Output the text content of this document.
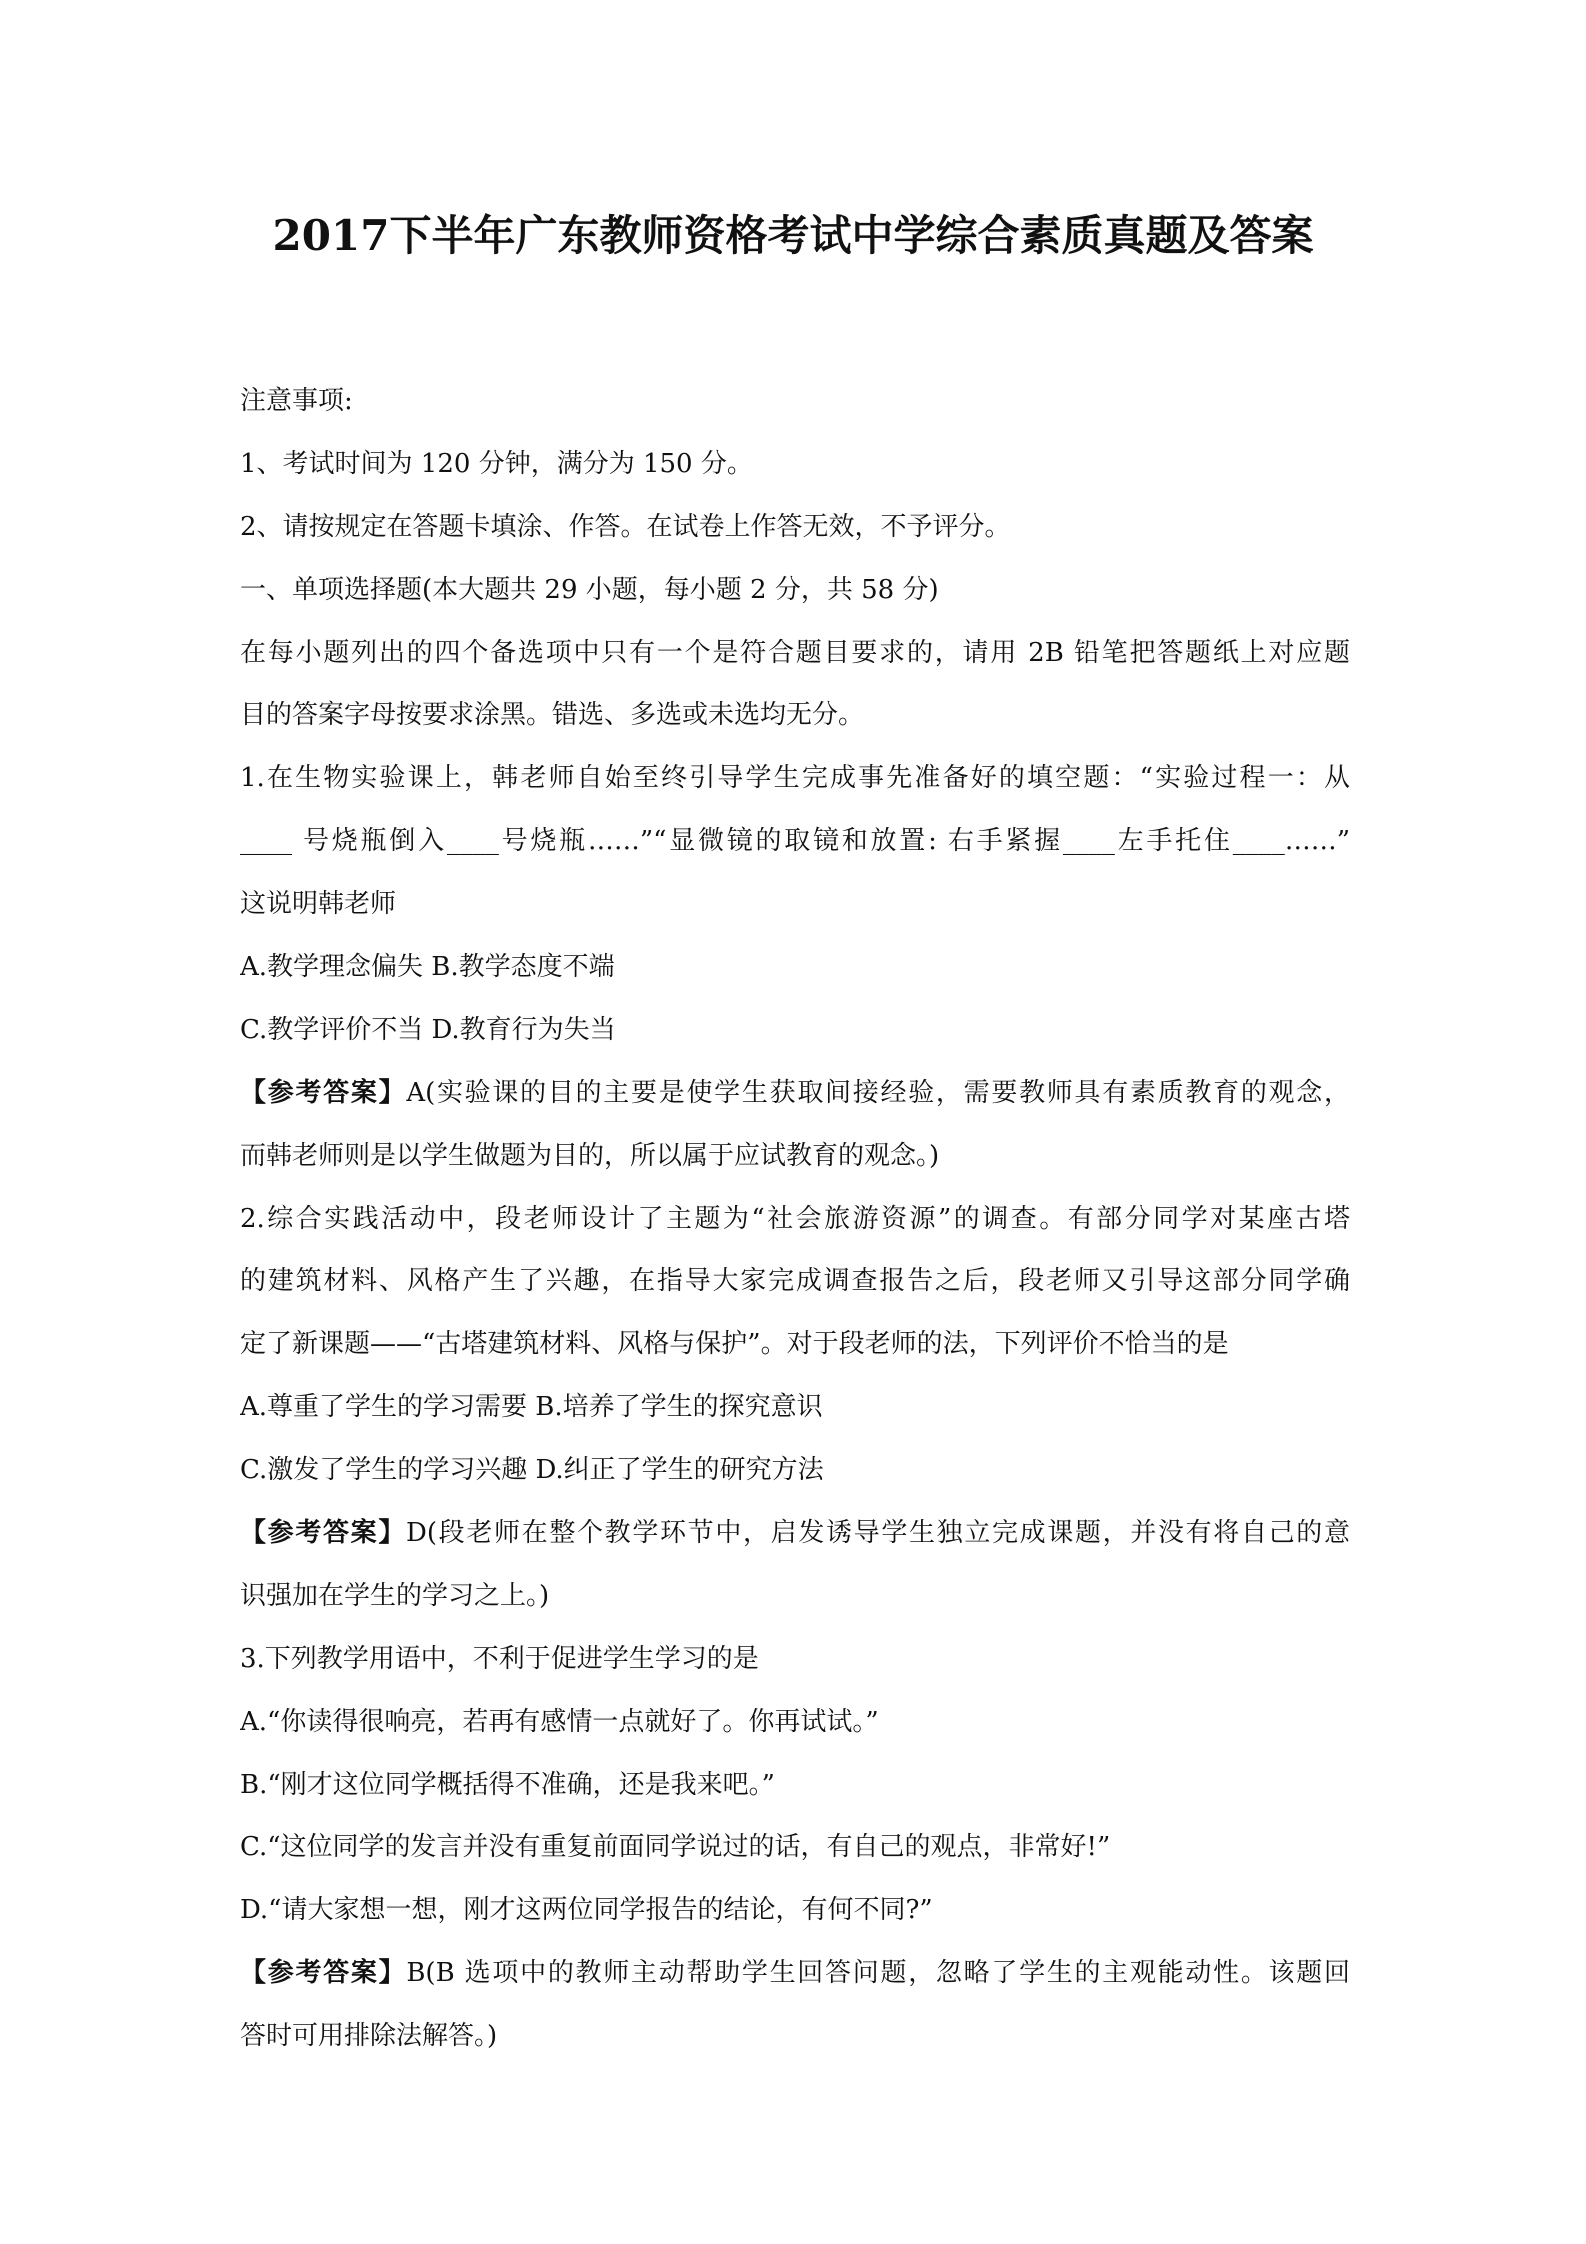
2017下半年广东教师资格考试中学综合素质真题及答案
注意事项:
1、考试时间为 120 分钟，满分为 150 分。
2、请按规定在答题卡填涂、作答。在试卷上作答无效，不予评分。
一、单项选择题(本大题共 29 小题，每小题 2 分，共 58 分)
在每小题列出的四个备选项中只有一个是符合题目要求的，请用 2B 铅笔把答题纸上对应题
目的答案字母按要求涂黑。错选、多选或未选均无分。
1.在生物实验课上，韩老师自始至终引导学生完成事先准备好的填空题：“实验过程一：从
____ 号烧瓶倒入____号烧瓶……”“显微镜的取镜和放置: 右手紧握____左手托住____……”
这说明韩老师
A.教学理念偏失 B.教学态度不端
C.教学评价不当 D.教育行为失当
【参考答案】A(实验课的目的主要是使学生获取间接经验，需要教师具有素质教育的观念，
而韩老师则是以学生做题为目的，所以属于应试教育的观念。)
2.综合实践活动中，段老师设计了主题为“社会旅游资源”的调查。有部分同学对某座古塔
的建筑材料、风格产生了兴趣，在指导大家完成调查报告之后，段老师又引导这部分同学确
定了新课题——“古塔建筑材料、风格与保护”。对于段老师的法，下列评价不恰当的是
A.尊重了学生的学习需要 B.培养了学生的探究意识
C.激发了学生的学习兴趣 D.纠正了学生的研究方法
【参考答案】D(段老师在整个教学环节中，启发诱导学生独立完成课题，并没有将自己的意
识强加在学生的学习之上。)
3.下列教学用语中，不利于促进学生学习的是
A.“你读得很响亮，若再有感情一点就好了。你再试试。”
B.“刚才这位同学概括得不准确，还是我来吧。”
C.“这位同学的发言并没有重复前面同学说过的话，有自己的观点，非常好!”
D.“请大家想一想，刚才这两位同学报告的结论，有何不同?”
【参考答案】B(B 选项中的教师主动帮助学生回答问题，忽略了学生的主观能动性。该题回
答时可用排除法解答。)
